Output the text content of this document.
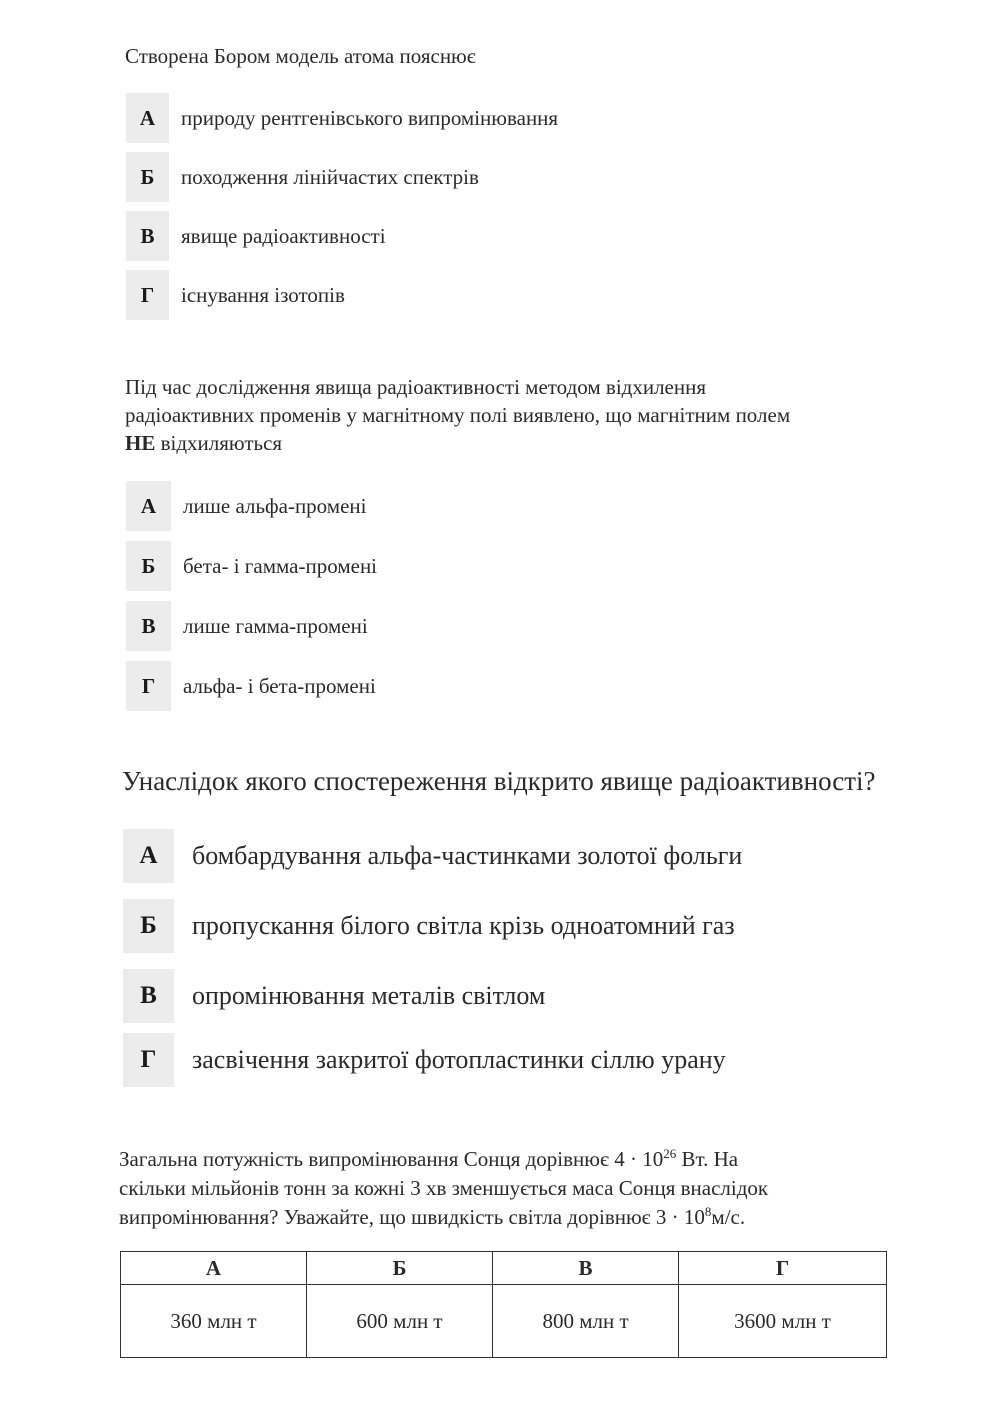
Створена Бором модель атома пояснює

А	природу рентгенівського випромінювання
Б	походження лінійчастих спектрів
В	явище радіоактивності
Г	існування ізотопів

Під час дослідження явища радіоактивності методом відхилення
радіоактивних променів у магнітному полі виявлено, що магнітним полем
НЕ відхиляються

А	лише альфа-промені
Б	бета- і гамма-промені
В	лише гамма-промені
Г	альфа- і бета-промені

Унаслідок якого спостереження відкрито явище радіоактивності?

А	бомбардування альфа-частинками золотої фольги
Б	пропускання білого світла крізь одноатомний газ
В	опромінювання металів світлом
Г	засвічення закритої фотопластинки сіллю урану

Загальна потужність випромінювання Сонця дорівнює $4 \cdot 10^{26}$ Вт. На
скільки мільйонів тонн за кожні 3 хв зменшується маса Сонця внаслідок
випромінювання? Уважайте, що швидкість світла дорівнює $3 \cdot 10^8м/с$.

А	Б	В	Г
360 млн т	600 млн т	800 млн т	3600 млн т
